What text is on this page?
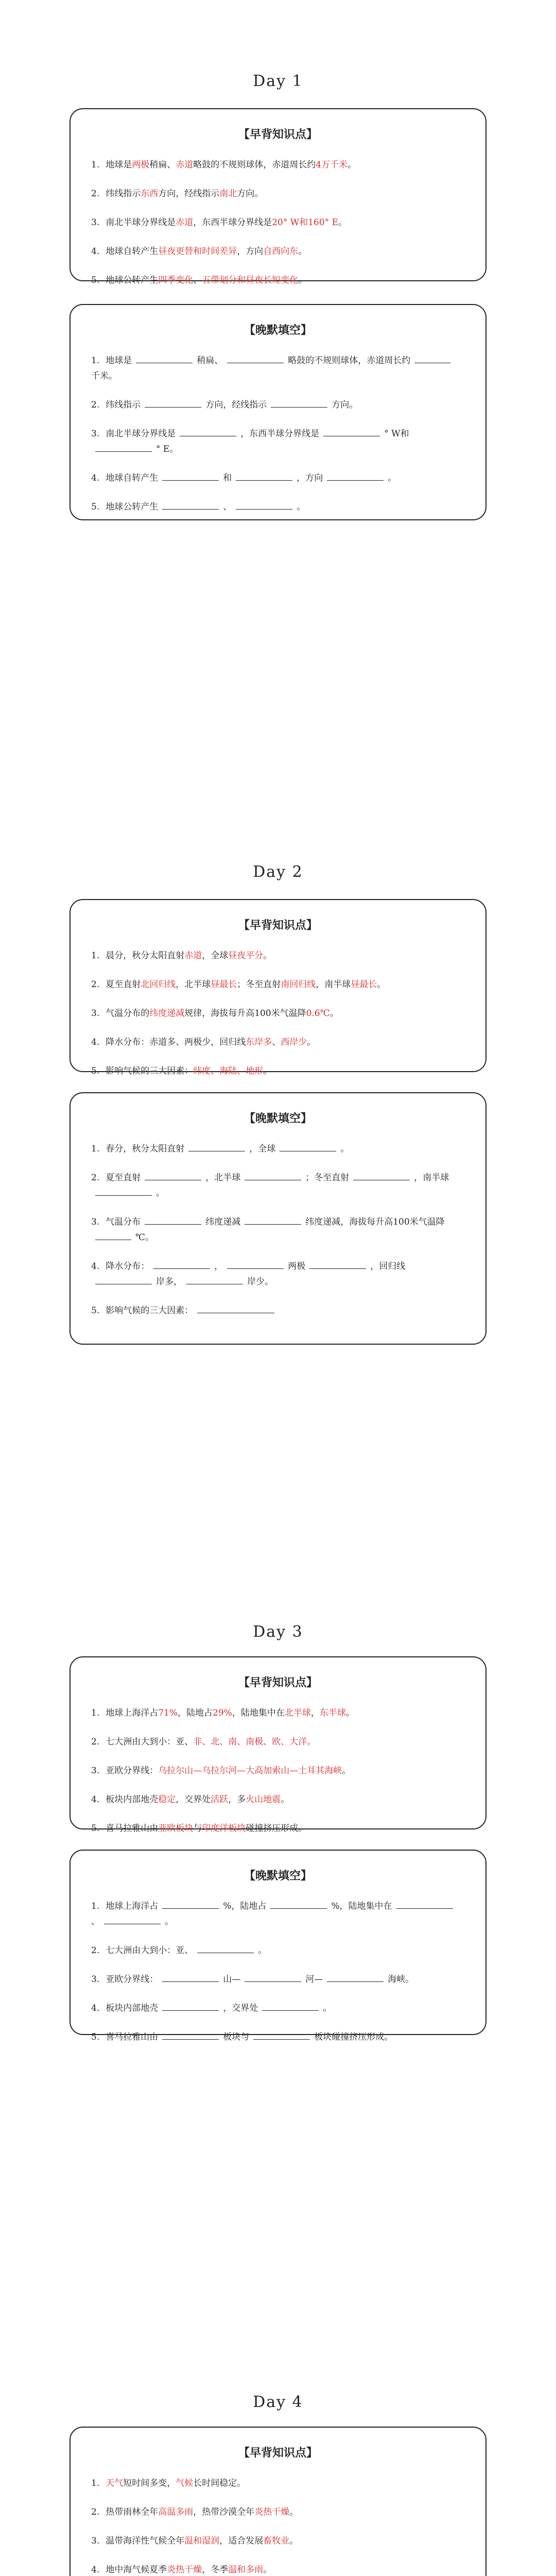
Day 1
【早背知识点】
1. 地球是两极稍扁、赤道略鼓的不规则球体，赤道周长约4万千米。
2. 纬线指示东西方向，经线指示南北方向。
3. 南北半球分界线是赤道，东西半球分界线是20° W和160° E。
4. 地球自转产生昼夜更替和时间差异，方向自西向东。
5. 地球公转产生四季变化、五带划分和昼夜长短变化。
【晚默填空】
1. 地球是	稍扁、	略鼓的不规则球体，赤道周长约千米。
2. 纬线指示	方向，经线指示	方向。
3. 南北半球分界线是	，东西半球分界线是	° W和° E。
4. 地球自转产生	和	，方向	。
5. 地球公转产生	、	。
Day 2
【早背知识点】
1. 晨分，秋分太阳直射赤道，全球昼夜平分。
2. 夏至直射北回归线，北半球昼最长；冬至直射南回归线，南半球昼最长。
3. 气温分布的纬度递减规律，海拔每升高100米气温降0.6℃。
4. 降水分布：赤道多、两极少，回归线东岸多、西岸少。
5. 影响气候的三大因素：纬度、海陆、地形。
【晚默填空】
1. 春分，秋分太阳直射	，全球	。
2. 夏至直射	，北半球	；冬至直射	，南半球。
3. 气温分布	纬度递减	纬度递减，海拔每升高100米气温降℃。
4. 降水分布：	，	两极	，回归线岸多，	岸少。
5. 影响气候的三大因素：
Day 3
【早背知识点】
1. 地球上海洋占71%，陆地占29%，陆地集中在北半球，东半球。
2. 七大洲由大到小：亚、非、北、南、南极、欧、大洋。
3. 亚欧分界线：乌拉尔山—乌拉尔河—大高加索山—土耳其海峡。
4. 板块内部地壳稳定，交界处活跃，多火山地震。
5. 喜马拉雅山由亚欧板块与印度洋板块碰撞挤压形成。
【晚默填空】
1. 地球上海洋占	%，陆地占	%，陆地集中在、	。
2. 七大洲由大到小：亚、	。
3. 亚欧分界线：	山—	河—	海峡。
4. 板块内部地壳	，交界处	。
5. 喜马拉雅山由	板块与	板块碰撞挤压形成。
Day 4
【早背知识点】
1. 天气短时间多变，气候长时间稳定。
2. 热带雨林全年高温多雨，热带沙漠全年炎热干燥。
3. 温带海洋性气候全年温和湿润，适合发展畜牧业。
4. 地中海气候夏季炎热干燥，冬季温和多雨。
